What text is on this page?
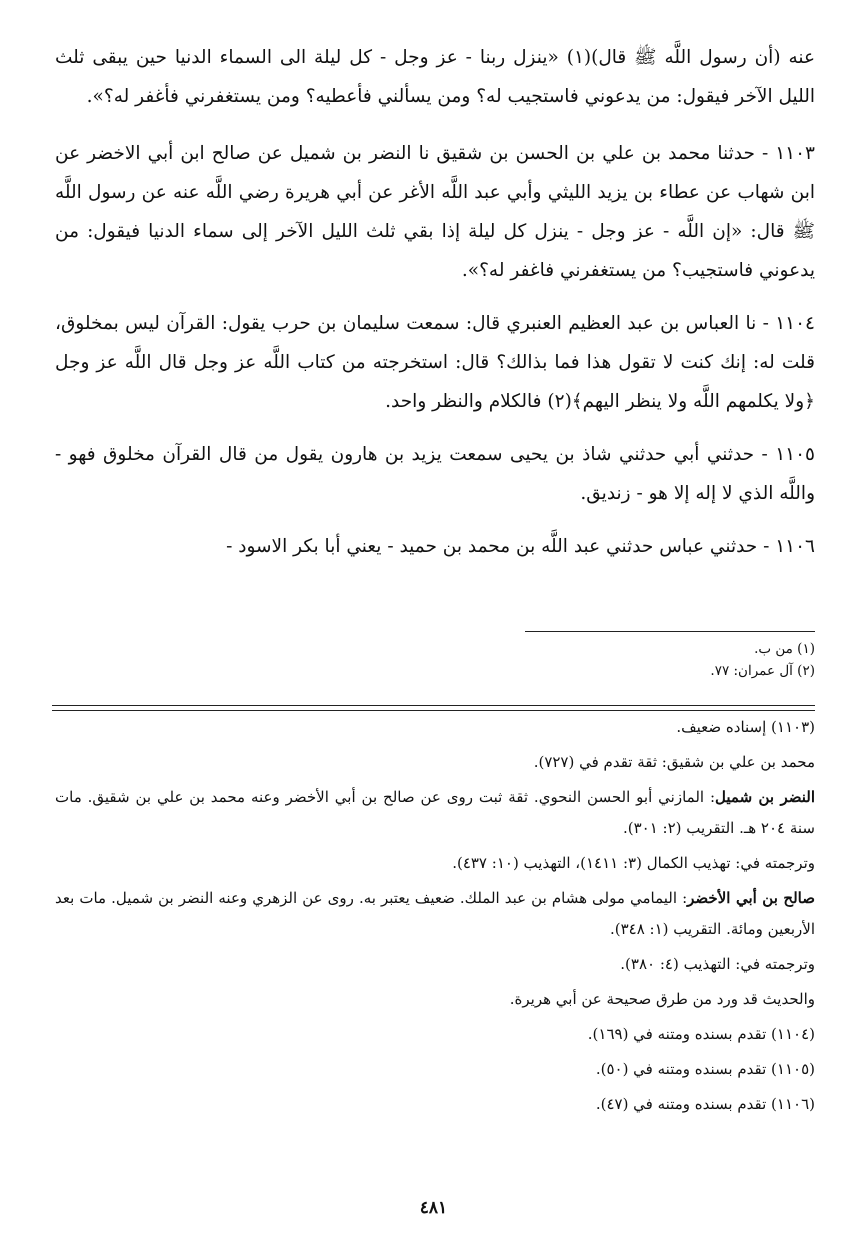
عنه (أن رسول اللَّه ﷺ قال)(١) «ينزل ربنا - عز وجل - كل ليلة الى السماء الدنيا حين يبقى ثلث الليل الآخر فيقول: من يدعوني فاستجيب له؟ ومن يسألني فأعطيه؟ ومن يستغفرني فأغفر له؟».

١١٠٣ - حدثنا محمد بن علي بن الحسن بن شقيق نا النضر بن شميل عن صالح ابن أبي الاخضر عن ابن شهاب عن عطاء بن يزيد الليثي وأبي عبد اللَّه الأغر عن أبي هريرة رضي اللَّه عنه عن رسول اللَّه ﷺ قال: «إن اللَّه - عز وجل - ينزل كل ليلة إذا بقي ثلث الليل الآخر إلى سماء الدنيا فيقول: من يدعوني فاستجيب؟ من يستغفرني فاغفر له؟».

١١٠٤ - نا العباس بن عبد العظيم العنبري قال: سمعت سليمان بن حرب يقول: القرآن ليس بمخلوق، قلت له: إنك كنت لا تقول هذا فما بذالك؟ قال: استخرجته من كتاب اللَّه عز وجل قال اللَّه عز وجل ﴿ولا يكلمهم اللَّه ولا ينظر اليهم﴾(٢) فالكلام والنظر واحد.

١١٠٥ - حدثني أبي حدثني شاذ بن يحيى سمعت يزيد بن هارون يقول من قال القرآن مخلوق فهو - واللَّه الذي لا إله إلا هو - زنديق.

١١٠٦ - حدثني عباس حدثني عبد اللَّه بن محمد بن حميد - يعني أبا بكر الاسود -

(١) من ب.
(٢) آل عمران: ٧٧.

(١١٠٣) إسناده ضعيف.

محمد بن علي بن شقيق: ثقة تقدم في (٧٢٧).

النضر بن شميل: المازني أبو الحسن النحوي. ثقة ثبت روى عن صالح بن أبي الأخضر وعنه محمد بن علي بن شقيق. مات سنة ٢٠٤ هـ. التقريب (٢: ٣٠١).

وترجمته في: تهذيب الكمال (٣: ١٤١١)، التهذيب (١٠: ٤٣٧).

صالح بن أبي الأخضر: اليمامي مولى هشام بن عبد الملك. ضعيف يعتبر به. روى عن الزهري وعنه النضر بن شميل. مات بعد الأربعين ومائة. التقريب (١: ٣٤٨).

وترجمته في: التهذيب (٤: ٣٨٠).

والحديث قد ورد من طرق صحيحة عن أبي هريرة.

(١١٠٤) تقدم بسنده ومتنه في (١٦٩).

(١١٠٥) تقدم بسنده ومتنه في (٥٠).

(١١٠٦) تقدم بسنده ومتنه في (٤٧).

٤٨١
